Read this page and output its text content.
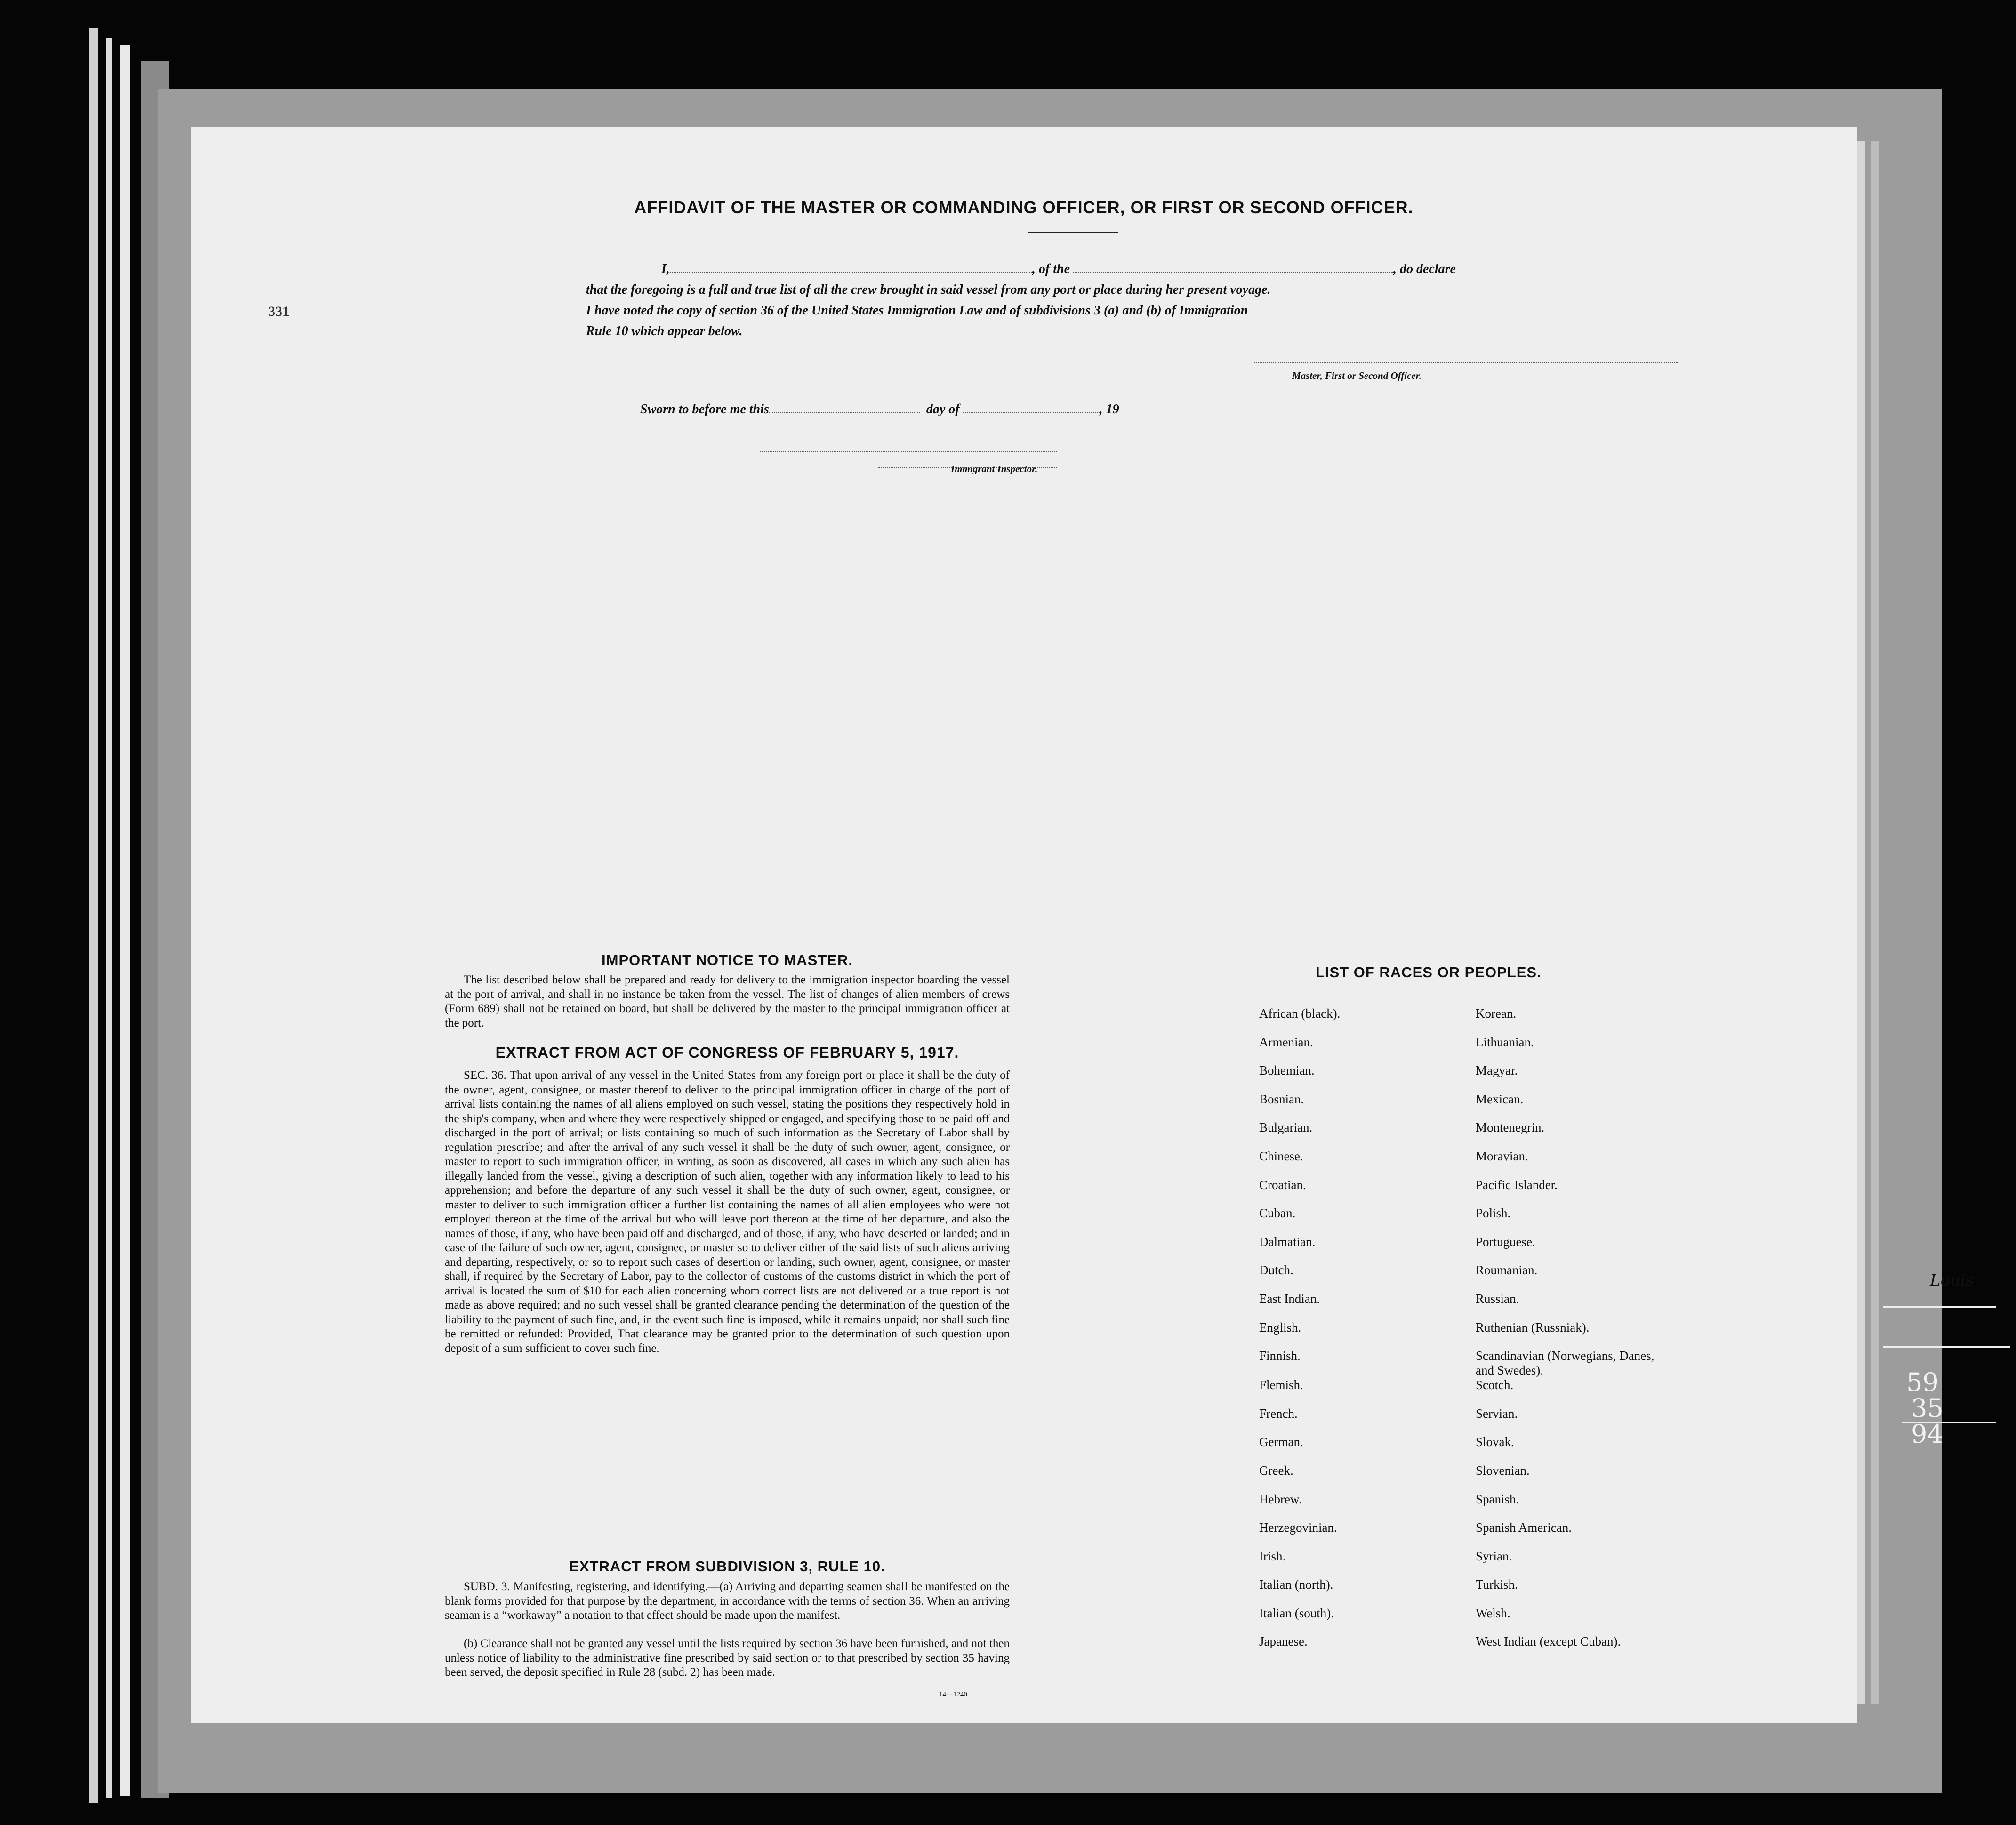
AFFIDAVIT OF THE MASTER OR COMMANDING OFFICER, OR FIRST OR SECOND OFFICER.
I,	, of the	, do declare
that the foregoing is a full and true list of all the crew brought in said vessel from any port or place during her present voyage.
I have noted the copy of section 36 of the United States Immigration Law and of subdivisions 3 (a) and (b) of Immigration
Rule 10 which appear below.
Master, First or Second Officer.
Sworn to before me this	day of	, 19
Immigrant Inspector.
IMPORTANT NOTICE TO MASTER.
The list described below shall be prepared and ready for delivery to the immigration inspector boarding the vessel at the port of arrival, and shall in no instance be taken from the vessel. The list of changes of alien members of crews (Form 689) shall not be retained on board, but shall be delivered by the master to the principal immigration officer at the port.
EXTRACT FROM ACT OF CONGRESS OF FEBRUARY 5, 1917.
SEC. 36. That upon arrival of any vessel in the United States from any foreign port or place it shall be the duty of the owner, agent, consignee, or master thereof to deliver to the principal immigration officer in charge of the port of arrival lists containing the names of all aliens employed on such vessel, stating the positions they respectively hold in the ship's company, when and where they were respectively shipped or engaged, and specifying those to be paid off and discharged in the port of arrival; or lists containing so much of such information as the Secretary of Labor shall by regulation prescribe; and after the arrival of any such vessel it shall be the duty of such owner, agent, consignee, or master to report to such immigration officer, in writing, as soon as discovered, all cases in which any such alien has illegally landed from the vessel, giving a description of such alien, together with any information likely to lead to his apprehension; and before the departure of any such vessel it shall be the duty of such owner, agent, consignee, or master to deliver to such immigration officer a further list containing the names of all alien employees who were not employed thereon at the time of the arrival but who will leave port thereon at the time of her departure, and also the names of those, if any, who have been paid off and discharged, and of those, if any, who have deserted or landed; and in case of the failure of such owner, agent, consignee, or master so to deliver either of the said lists of such aliens arriving and departing, respectively, or so to report such cases of desertion or landing, such owner, agent, consignee, or master shall, if required by the Secretary of Labor, pay to the collector of customs of the customs district in which the port of arrival is located the sum of $10 for each alien concerning whom correct lists are not delivered or a true report is not made as above required; and no such vessel shall be granted clearance pending the determination of the question of the liability to the payment of such fine, and, in the event such fine is imposed, while it remains unpaid; nor shall such fine be remitted or refunded: Provided, That clearance may be granted prior to the determination of such question upon deposit of a sum sufficient to cover such fine.
EXTRACT FROM SUBDIVISION 3, RULE 10.
SUBD. 3. Manifesting, registering, and identifying.—(a) Arriving and departing seamen shall be manifested on the blank forms provided for that purpose by the department, in accordance with the terms of section 36. When an arriving seaman is a “workaway” a notation to that effect should be made upon the manifest.
(b) Clearance shall not be granted any vessel until the lists required by section 36 have been furnished, and not then unless notice of liability to the administrative fine prescribed by said section or to that prescribed by section 35 having been served, the deposit specified in Rule 28 (subd. 2) has been made.
14—1240
LIST OF RACES OR PEOPLES.
African (black).	Korean.
Armenian.	Lithuanian.
Bohemian.	Magyar.
Bosnian.	Mexican.
Bulgarian.	Montenegrin.
Chinese.	Moravian.
Croatian.	Pacific Islander.
Cuban.	Polish.
Dalmatian.	Portuguese.
Dutch.	Roumanian.
East Indian.	Russian.
English.	Ruthenian (Russniak).
Finnish.	Scandinavian (Norwegians, Danes, and Swedes).
Flemish.	Scotch.
French.	Servian.
German.	Slovak.
Greek.	Slovenian.
Hebrew.	Spanish.
Herzegovinian.	Spanish American.
Irish.	Syrian.
Italian (north).	Turkish.
Italian (south).	Welsh.
Japanese.	West Indian (except Cuban).
331
Louis
59
35
94
